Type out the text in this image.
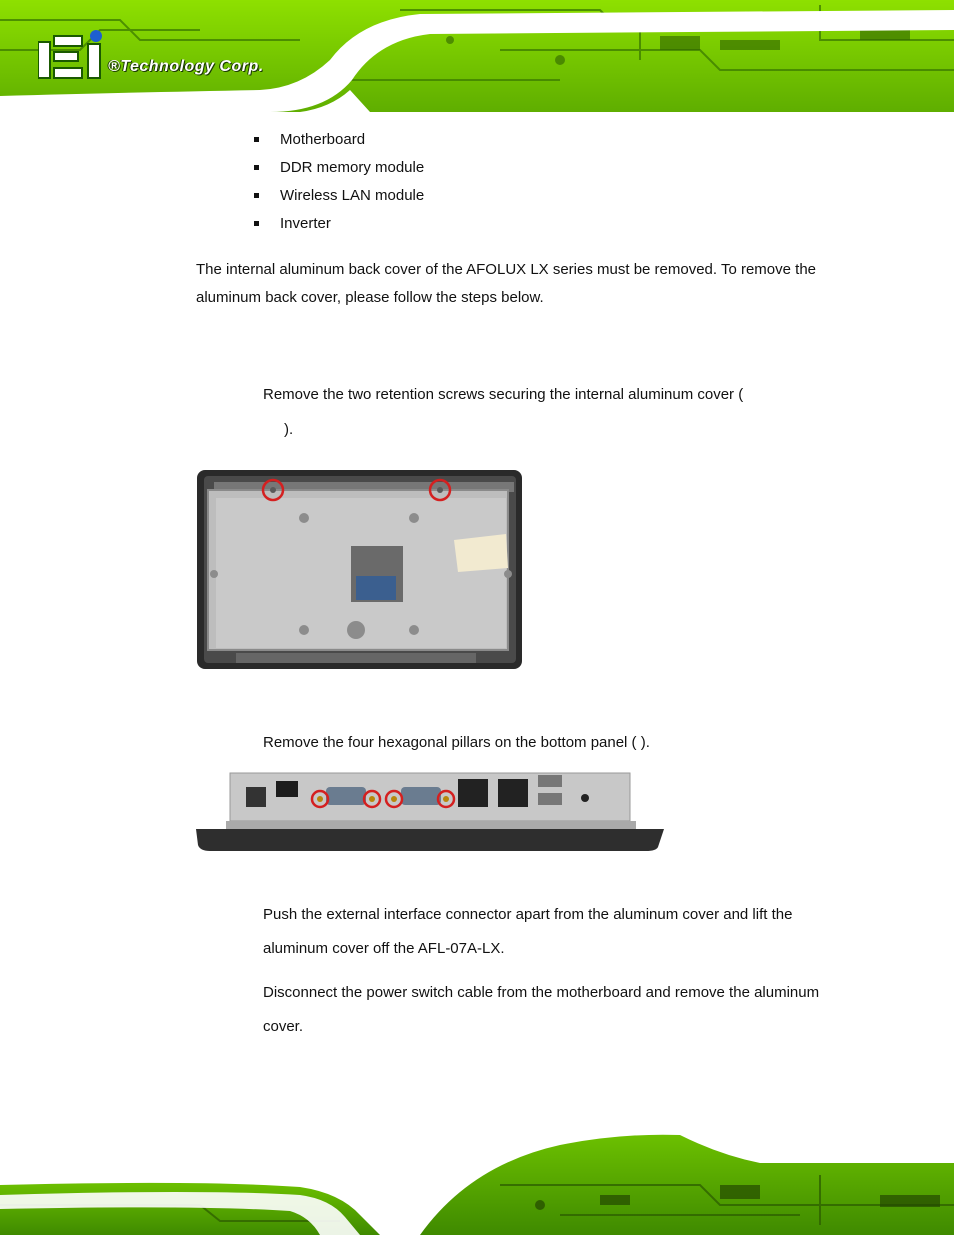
®Technology Corp.
Motherboard
DDR memory module
Wireless LAN module
Inverter

The internal aluminum back cover of the AFOLUX LX series must be removed. To remove the aluminum back cover, please follow the steps below.

Remove the two retention screws securing the internal aluminum cover (

).

Remove the four hexagonal pillars on the bottom panel ( ).

Push the external interface connector apart from the aluminum cover and lift the aluminum cover off the AFL-07A-LX.

Disconnect the power switch cable from the motherboard and remove the aluminum cover.
